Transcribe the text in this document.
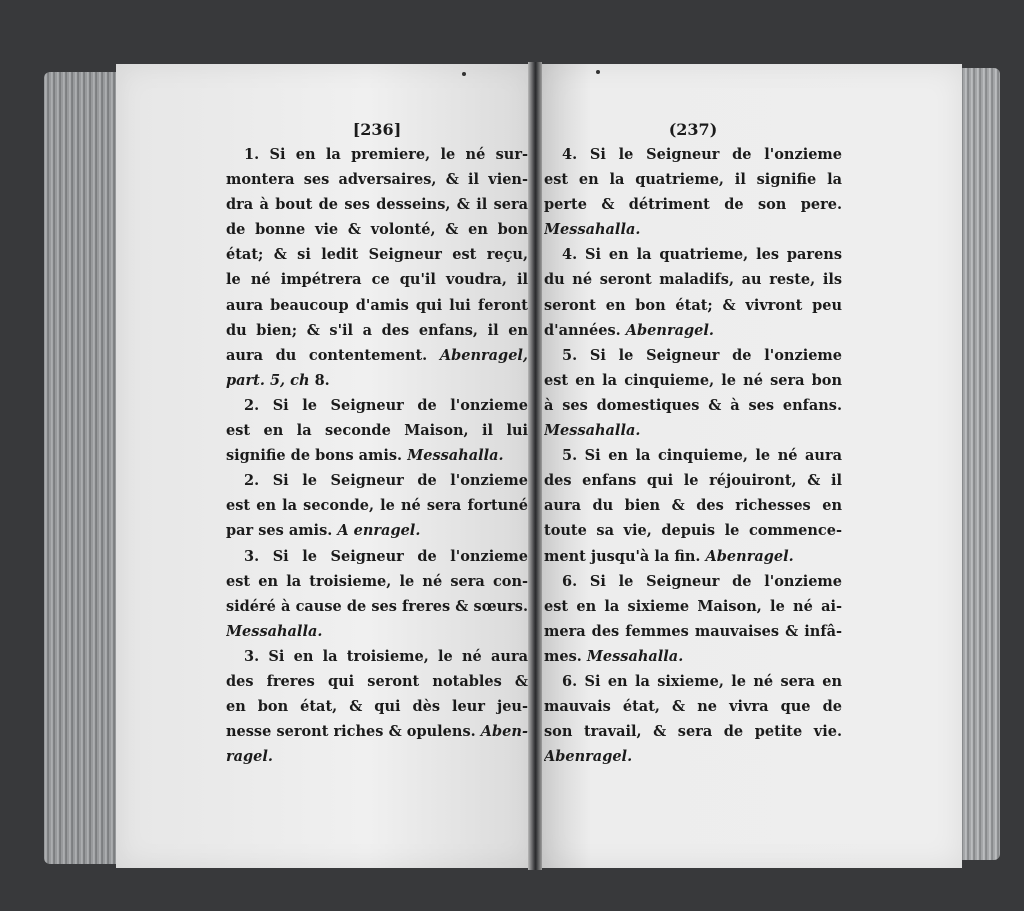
[236]
1. Si en la premiere, le né sur-
montera ses adversaires, & il vien-
dra à bout de ses desseins, & il sera
de bonne vie & volonté, & en bon
état; & si ledit Seigneur est reçu,
le né impétrera ce qu'il voudra, il
aura beaucoup d'amis qui lui feront
du bien; & s'il a des enfans, il en
aura du contentement. Abenragel,
part. 5, ch 8.
2. Si le Seigneur de l'onzieme
est en la seconde Maison, il lui
signifie de bons amis. Messahalla.
2. Si le Seigneur de l'onzieme
est en la seconde, le né sera fortuné
par ses amis. A enragel.
3. Si le Seigneur de l'onzieme
est en la troisieme, le né sera con-
sidéré à cause de ses freres & sœurs.
Messahalla.
3. Si en la troisieme, le né aura
des freres qui seront notables &
en bon état, & qui dès leur jeu-
nesse seront riches & opulens. Aben-
ragel.
(237)
4. Si le Seigneur de l'onzieme
est en la quatrieme, il signifie la
perte & détriment de son pere.
Messahalla.
4. Si en la quatrieme, les parens
du né seront maladifs, au reste, ils
seront en bon état; & vivront peu
d'années. Abenragel.
5. Si le Seigneur de l'onzieme
est en la cinquieme, le né sera bon
à ses domestiques & à ses enfans.
Messahalla.
5. Si en la cinquieme, le né aura
des enfans qui le réjouiront, & il
aura du bien & des richesses en
toute sa vie, depuis le commence-
ment jusqu'à la fin. Abenragel.
6. Si le Seigneur de l'onzieme
est en la sixieme Maison, le né ai-
mera des femmes mauvaises & infâ-
mes. Messahalla.
6. Si en la sixieme, le né sera en
mauvais état, & ne vivra que de
son travail, & sera de petite vie.
Abenragel.
